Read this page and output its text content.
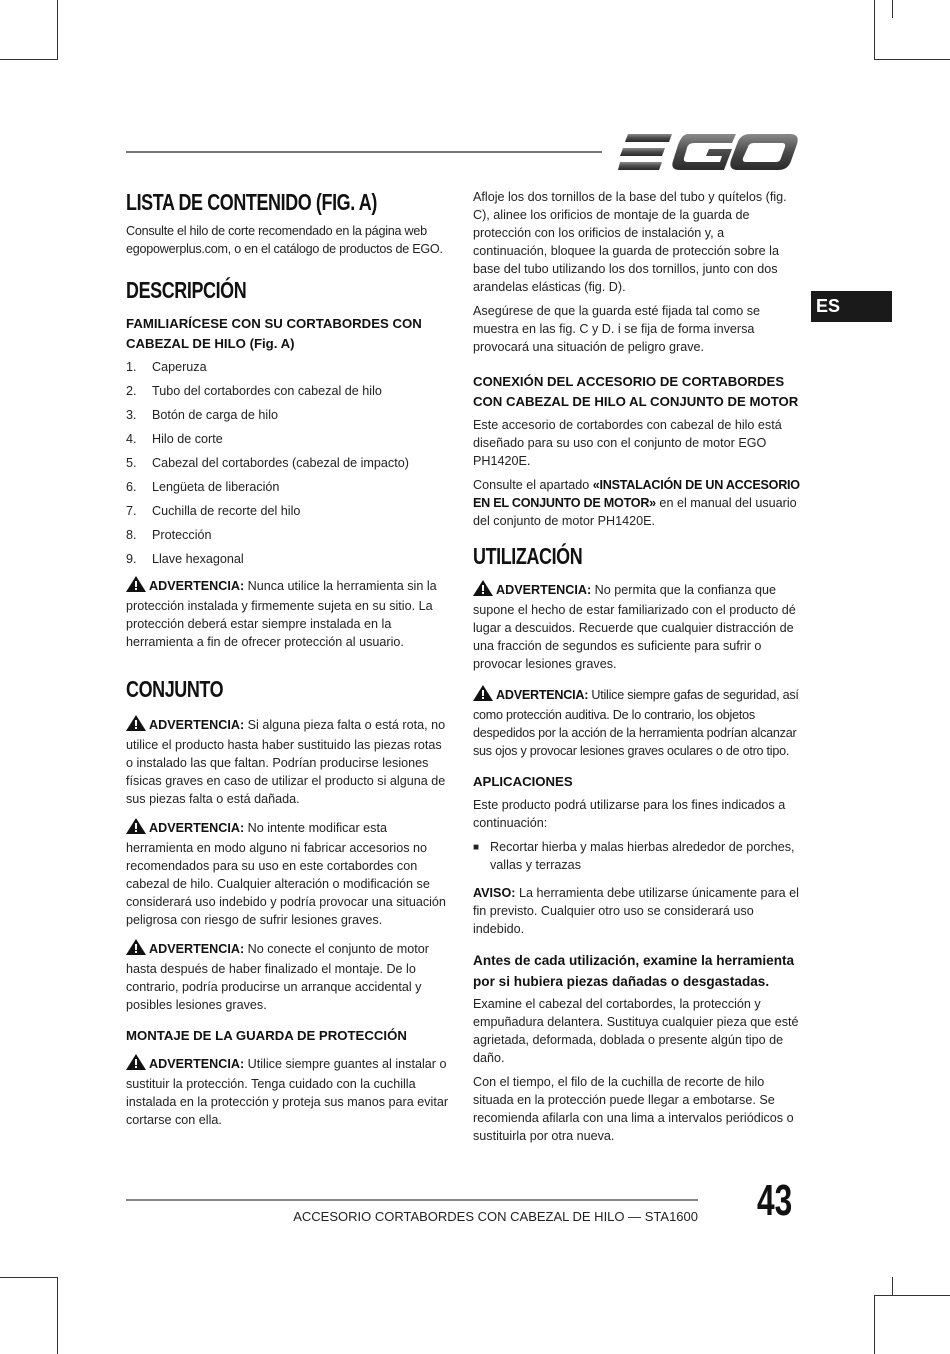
ES
LISTA DE CONTENIDO (FIG. A)

Consulte el hilo de corte recomendado en la página web egopowerplus.com, o en el catálogo de productos de EGO.

DESCRIPCIÓN
FAMILIARÍCESE CON SU CORTABORDES CON CABEZAL DE HILO (Fig. A)
1.	Caperuza
2.	Tubo del cortabordes con cabezal de hilo
3.	Botón de carga de hilo
4.	Hilo de corte
5.	Cabezal del cortabordes (cabezal de impacto)
6.	Lengüeta de liberación
7.	Cuchilla de recorte del hilo
8.	Protección
9.	Llave hexagonal

ADVERTENCIA: Nunca utilice la herramienta sin la protección instalada y firmemente sujeta en su sitio. La protección deberá estar siempre instalada en la herramienta a fin de ofrecer protección al usuario.

CONJUNTO

ADVERTENCIA: Si alguna pieza falta o está rota, no utilice el producto hasta haber sustituido las piezas rotas o instalado las que faltan. Podrían producirse lesiones físicas graves en caso de utilizar el producto si alguna de sus piezas falta o está dañada.

ADVERTENCIA: No intente modificar esta herramienta en modo alguno ni fabricar accesorios no recomendados para su uso en este cortabordes con cabezal de hilo. Cualquier alteración o modificación se considerará uso indebido y podría provocar una situación peligrosa con riesgo de sufrir lesiones graves.

ADVERTENCIA: No conecte el conjunto de motor hasta después de haber finalizado el montaje. De lo contrario, podría producirse un arranque accidental y posibles lesiones graves.

MONTAJE DE LA GUARDA DE PROTECCIÓN

ADVERTENCIA: Utilice siempre guantes al instalar o sustituir la protección. Tenga cuidado con la cuchilla instalada en la protección y proteja sus manos para evitar cortarse con ella.

Afloje los dos tornillos de la base del tubo y quítelos (fig. C), alinee los orificios de montaje de la guarda de protección con los orificios de instalación y, a continuación, bloquee la guarda de protección sobre la base del tubo utilizando los dos tornillos, junto con dos arandelas elásticas (fig. D).

Asegúrese de que la guarda esté fijada tal como se muestra en las fig. C y D. i se fija de forma inversa provocará una situación de peligro grave.

CONEXIÓN DEL ACCESORIO DE CORTABORDES CON CABEZAL DE HILO AL CONJUNTO DE MOTOR

Este accesorio de cortabordes con cabezal de hilo está diseñado para su uso con el conjunto de motor EGO PH1420E.

Consulte el apartado «INSTALACIÓN DE UN ACCESORIO EN EL CONJUNTO DE MOTOR» en el manual del usuario del conjunto de motor PH1420E.

UTILIZACIÓN

ADVERTENCIA: No permita que la confianza que supone el hecho de estar familiarizado con el producto dé lugar a descuidos. Recuerde que cualquier distracción de una fracción de segundos es suficiente para sufrir o provocar lesiones graves.

ADVERTENCIA: Utilice siempre gafas de seguridad, así como protección auditiva. De lo contrario, los objetos despedidos por la acción de la herramienta podrían alcanzar sus ojos y provocar lesiones graves oculares o de otro tipo.

APLICACIONES

Este producto podrá utilizarse para los fines indicados a continuación:

■ Recortar hierba y malas hierbas alrededor de porches, vallas y terrazas

AVISO: La herramienta debe utilizarse únicamente para el fin previsto. Cualquier otro uso se considerará uso indebido.

Antes de cada utilización, examine la herramienta por si hubiera piezas dañadas o desgastadas.

Examine el cabezal del cortabordes, la protección y empuñadura delantera. Sustituya cualquier pieza que esté agrietada, deformada, doblada o presente algún tipo de daño.

Con el tiempo, el filo de la cuchilla de recorte de hilo situada en la protección puede llegar a embotarse. Se recomienda afilarla con una lima a intervalos periódicos o sustituirla por otra nueva.

ACCESORIO CORTABORDES CON CABEZAL DE HILO — STA1600 43
